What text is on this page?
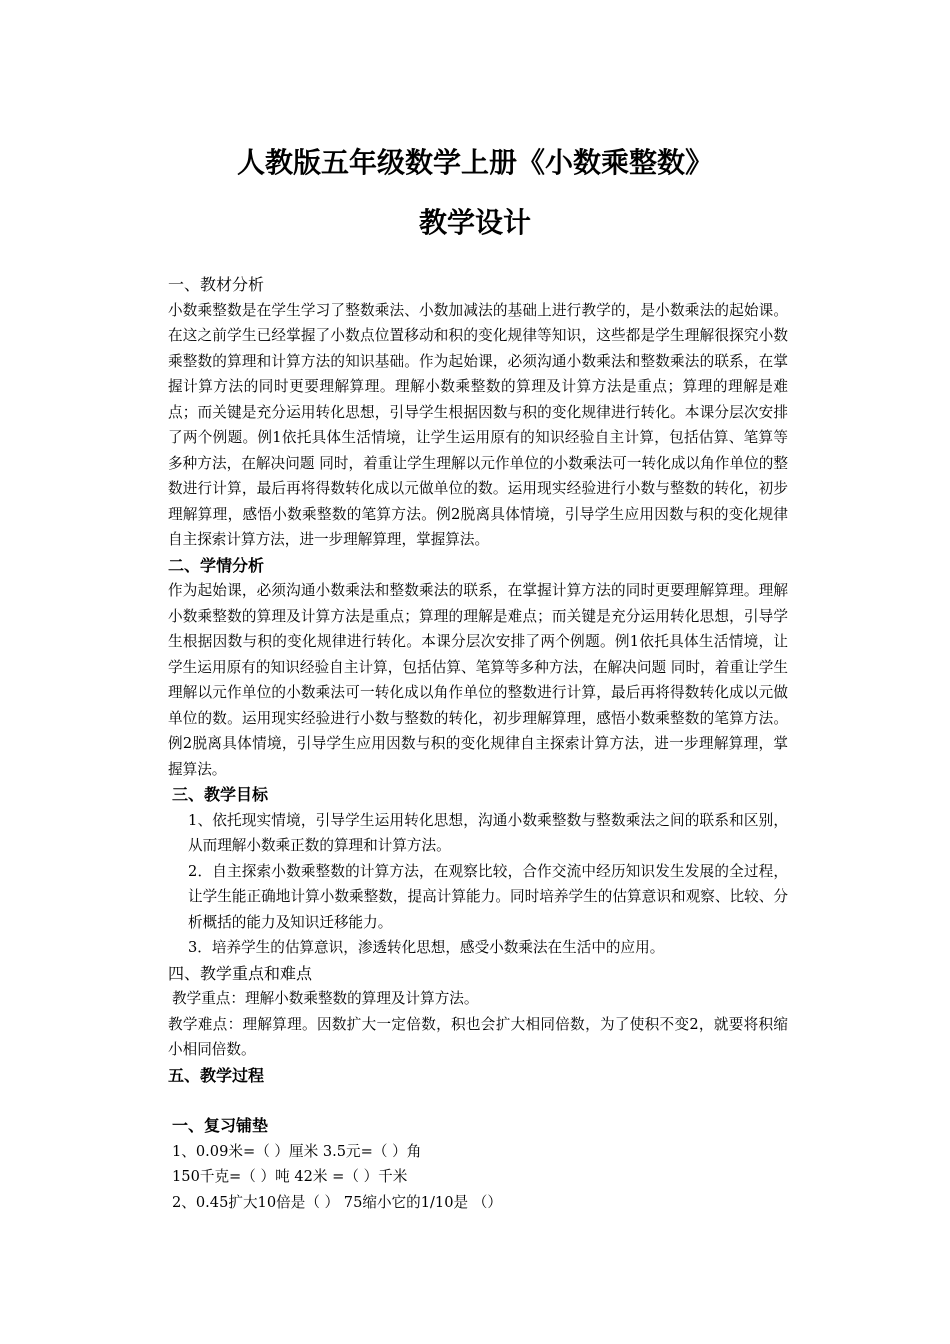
人教版五年级数学上册《小数乘整数》
教学设计

一、教材分析

小数乘整数是在学生学习了整数乘法、小数加减法的基础上进行教学的，是小数乘法的起始课。在这之前学生已经掌握了小数点位置移动和积的变化规律等知识，这些都是学生理解很探究小数乘整数的算理和计算方法的知识基础。作为起始课，必须沟通小数乘法和整数乘法的联系，在掌握计算方法的同时更要理解算理。理解小数乘整数的算理及计算方法是重点；算理的理解是难点；而关键是充分运用转化思想，引导学生根据因数与积的变化规律进行转化。本课分层次安排了两个例题。例1依托具体生活情境，让学生运用原有的知识经验自主计算，包括估算、笔算等多种方法，在解决问题 同时，着重让学生理解以元作单位的小数乘法可一转化成以角作单位的整数进行计算，最后再将得数转化成以元做单位的数。运用现实经验进行小数与整数的转化，初步理解算理，感悟小数乘整数的笔算方法。例2脱离具体情境，引导学生应用因数与积的变化规律自主探索计算方法，进一步理解算理，掌握算法。

二、学情分析

作为起始课，必须沟通小数乘法和整数乘法的联系，在掌握计算方法的同时更要理解算理。理解小数乘整数的算理及计算方法是重点；算理的理解是难点；而关键是充分运用转化思想，引导学生根据因数与积的变化规律进行转化。本课分层次安排了两个例题。例1依托具体生活情境，让学生运用原有的知识经验自主计算，包括估算、笔算等多种方法，在解决问题 同时，着重让学生理解以元作单位的小数乘法可一转化成以角作单位的整数进行计算，最后再将得数转化成以元做单位的数。运用现实经验进行小数与整数的转化，初步理解算理，感悟小数乘整数的笔算方法。例2脱离具体情境，引导学生应用因数与积的变化规律自主探索计算方法，进一步理解算理，掌握算法。

三、教学目标

1、依托现实情境，引导学生运用转化思想，沟通小数乘整数与整数乘法之间的联系和区别，从而理解小数乘正数的算理和计算方法。

2．自主探索小数乘整数的计算方法，在观察比较，合作交流中经历知识发生发展的全过程，让学生能正确地计算小数乘整数，提高计算能力。同时培养学生的估算意识和观察、比较、分析概括的能力及知识迁移能力。

3．培养学生的估算意识，渗透转化思想，感受小数乘法在生活中的应用。

四、教学重点和难点

教学重点：理解小数乘整数的算理及计算方法。

教学难点：理解算理。因数扩大一定倍数，积也会扩大相同倍数，为了使积不变2，就要将积缩小相同倍数。

五、教学过程

一、复习铺垫

1、0.09米=（ ）厘米 3.5元=（ ）角

150千克=（ ）吨 42米 =（ ）千米

2、0.45扩大10倍是（ ） 75缩小它的1/10是 （）
